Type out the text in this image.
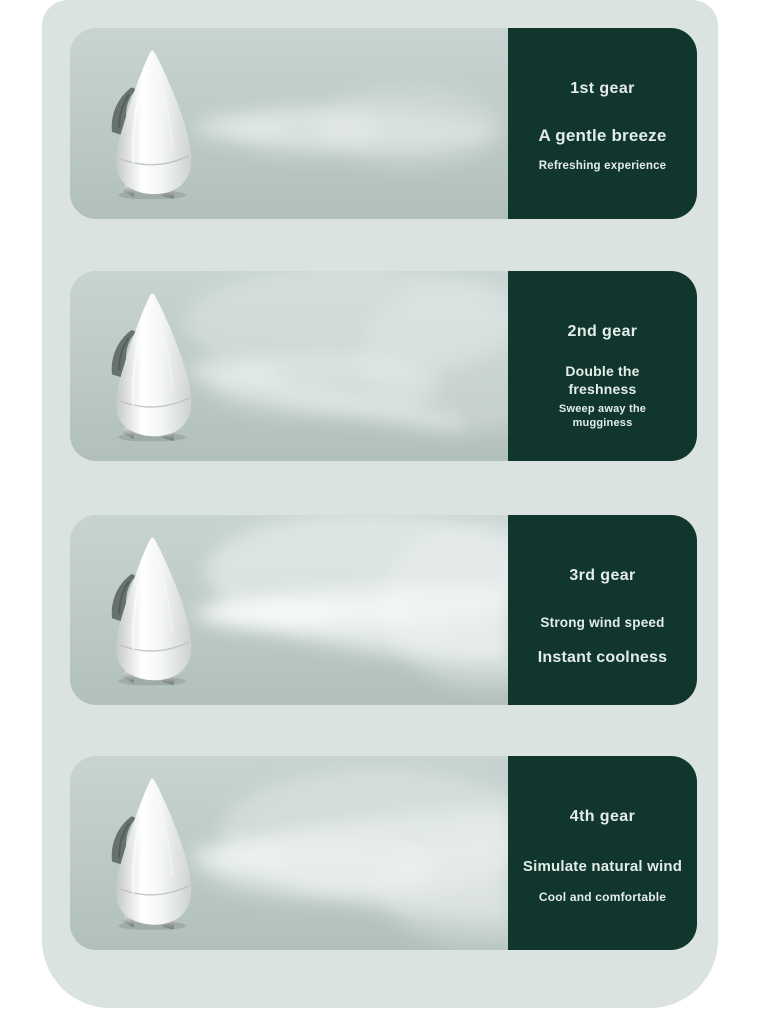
1st gear

A gentle breeze

Refreshing experience

2nd gear

Double the freshness

Sweep away the mugginess

3rd gear

Strong wind speed

Instant coolness

4th gear

Simulate natural wind

Cool and comfortable
